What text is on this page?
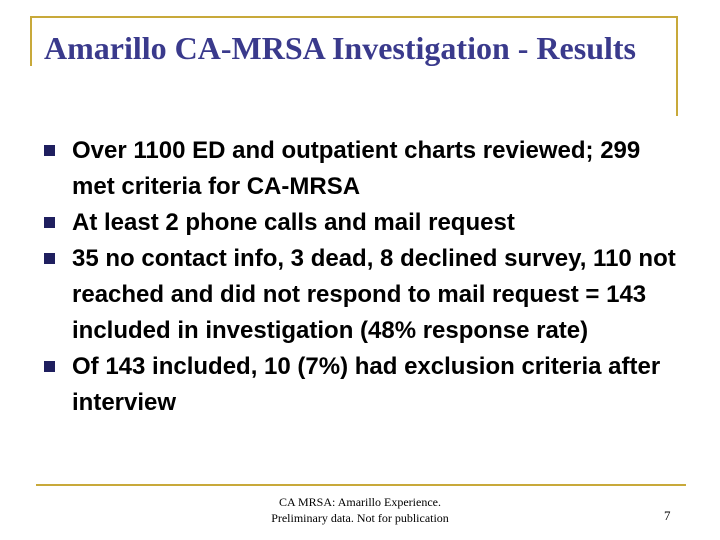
Amarillo CA-MRSA Investigation - Results
Over 1100 ED and outpatient charts reviewed; 299 met criteria for CA-MRSA
At least 2 phone calls and mail request
35 no contact info, 3 dead, 8 declined survey, 110 not reached and did not respond to mail request = 143 included in investigation (48% response rate)
Of 143 included, 10 (7%) had exclusion criteria after interview
CA MRSA: Amarillo Experience.
Preliminary data. Not for publication	7
